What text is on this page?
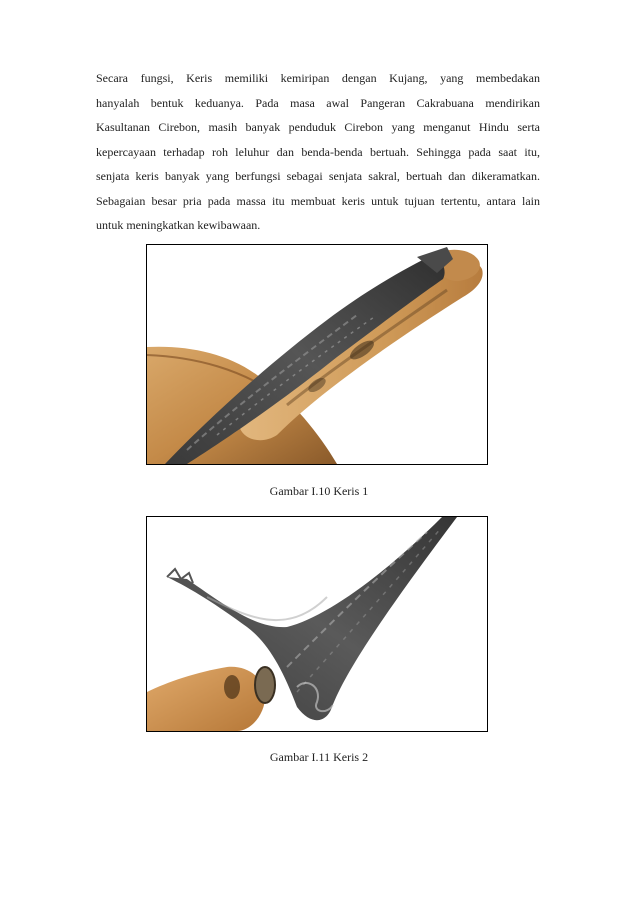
Secara fungsi, Keris memiliki kemiripan dengan Kujang, yang membedakan
hanyalah bentuk keduanya. Pada masa awal Pangeran Cakrabuana mendirikan
Kasultanan Cirebon, masih banyak penduduk Cirebon yang menganut Hindu serta
kepercayaan terhadap roh leluhur dan benda-benda bertuah. Sehingga pada saat itu,
senjata keris banyak yang berfungsi sebagai senjata sakral, bertuah dan dikeramatkan.
Sebagaian besar pria pada massa itu membuat keris untuk tujuan tertentu, antara lain
untuk meningkatkan kewibawaan.
Gambar I.10 Keris 1
Gambar I.11 Keris 2
